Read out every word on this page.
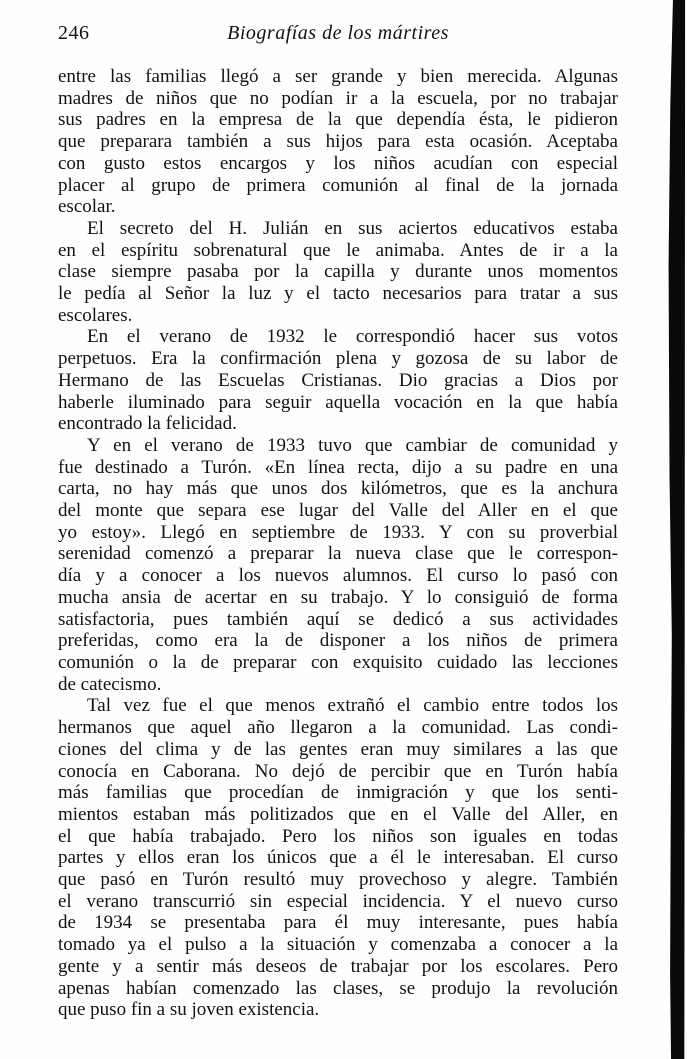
246	Biografías de los mártires
entre las familias llegó a ser grande y bien merecida. Algunas
madres de niños que no podían ir a la escuela, por no trabajar
sus padres en la empresa de la que dependía ésta, le pidieron
que preparara también a sus hijos para esta ocasión. Aceptaba
con gusto estos encargos y los niños acudían con especial
placer al grupo de primera comunión al final de la jornada
escolar.
El secreto del H. Julián en sus aciertos educativos estaba
en el espíritu sobrenatural que le animaba. Antes de ir a la
clase siempre pasaba por la capilla y durante unos momentos
le pedía al Señor la luz y el tacto necesarios para tratar a sus
escolares.
En el verano de 1932 le correspondió hacer sus votos
perpetuos. Era la confirmación plena y gozosa de su labor de
Hermano de las Escuelas Cristianas. Dio gracias a Dios por
haberle iluminado para seguir aquella vocación en la que había
encontrado la felicidad.
Y en el verano de 1933 tuvo que cambiar de comunidad y
fue destinado a Turón. «En línea recta, dijo a su padre en una
carta, no hay más que unos dos kilómetros, que es la anchura
del monte que separa ese lugar del Valle del Aller en el que
yo estoy». Llegó en septiembre de 1933. Y con su proverbial
serenidad comenzó a preparar la nueva clase que le correspon-
día y a conocer a los nuevos alumnos. El curso lo pasó con
mucha ansia de acertar en su trabajo. Y lo consiguió de forma
satisfactoria, pues también aquí se dedicó a sus actividades
preferidas, como era la de disponer a los niños de primera
comunión o la de preparar con exquisito cuidado las lecciones
de catecismo.
Tal vez fue el que menos extrañó el cambio entre todos los
hermanos que aquel año llegaron a la comunidad. Las condi-
ciones del clima y de las gentes eran muy similares a las que
conocía en Caborana. No dejó de percibir que en Turón había
más familias que procedían de inmigración y que los senti-
mientos estaban más politizados que en el Valle del Aller, en
el que había trabajado. Pero los niños son iguales en todas
partes y ellos eran los únicos que a él le interesaban. El curso
que pasó en Turón resultó muy provechoso y alegre. También
el verano transcurrió sin especial incidencia. Y el nuevo curso
de 1934 se presentaba para él muy interesante, pues había
tomado ya el pulso a la situación y comenzaba a conocer a la
gente y a sentir más deseos de trabajar por los escolares. Pero
apenas habían comenzado las clases, se produjo la revolución
que puso fin a su joven existencia.
